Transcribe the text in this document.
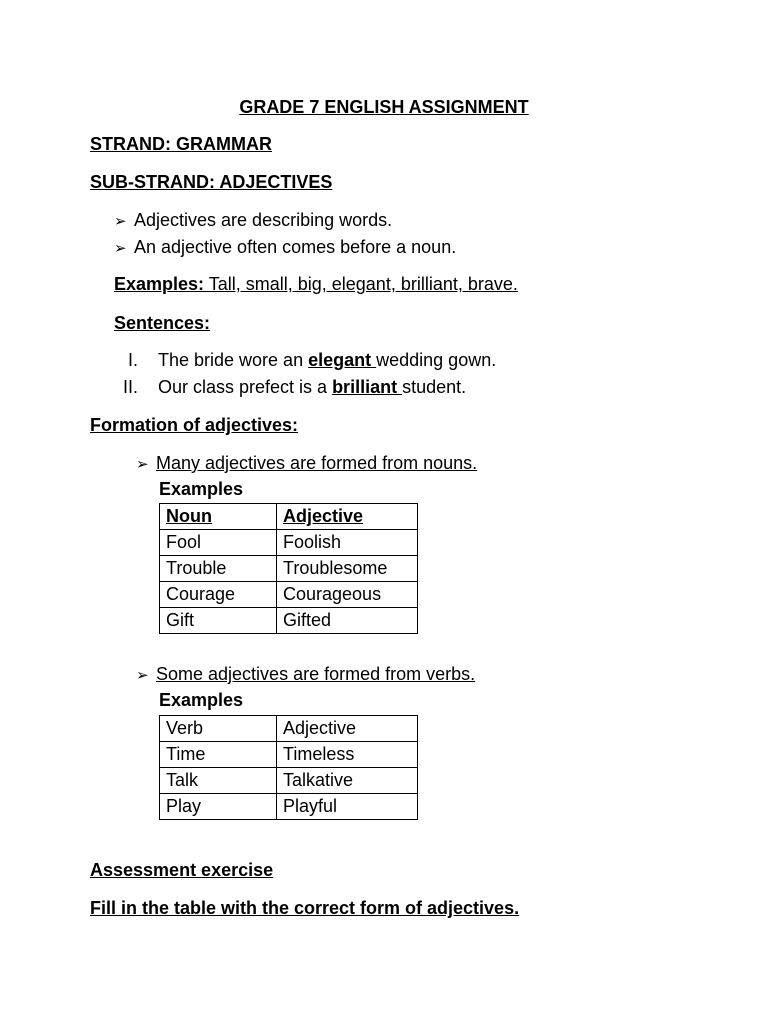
GRADE 7 ENGLISH ASSIGNMENT
STRAND: GRAMMAR
SUB-STRAND: ADJECTIVES
➢ Adjectives are describing words.
➢ An adjective often comes before a noun.
Examples: Tall, small, big, elegant, brilliant, brave.
Sentences:
I. The bride wore an elegant wedding gown.
II. Our class prefect is a brilliant student.
Formation of adjectives:
➢ Many adjectives are formed from nouns.
Examples
Noun	Adjective
Fool	Foolish
Trouble	Troublesome
Courage	Courageous
Gift	Gifted
➢ Some adjectives are formed from verbs.
Examples
Verb	Adjective
Time	Timeless
Talk	Talkative
Play	Playful
Assessment exercise
Fill in the table with the correct form of adjectives.
